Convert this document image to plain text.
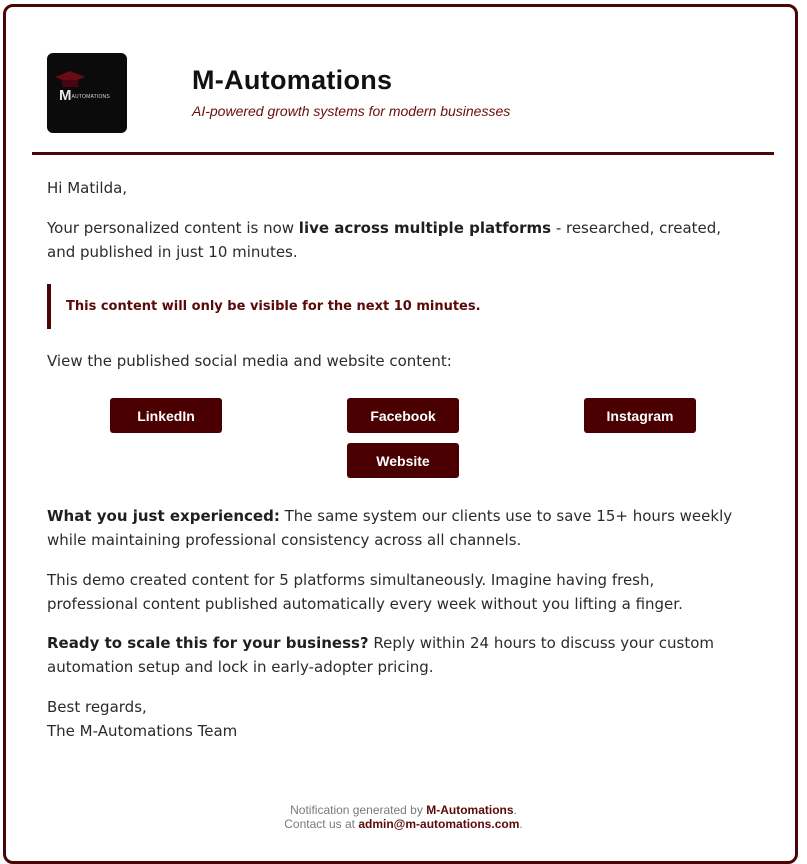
MAUTOMATIONS
M-Automations
AI-powered growth systems for modern businesses
Hi Matilda,
Your personalized content is now live across multiple platforms - researched, created, and published in just 10 minutes.
This content will only be visible for the next 10 minutes.
View the published social media and website content:
LinkedIn	Facebook	Instagram
Website
What you just experienced: The same system our clients use to save 15+ hours weekly while maintaining professional consistency across all channels.
This demo created content for 5 platforms simultaneously. Imagine having fresh, professional content published automatically every week without you lifting a finger.
Ready to scale this for your business? Reply within 24 hours to discuss your custom automation setup and lock in early-adopter pricing.
Best regards,
The M-Automations Team
Notification generated by M-Automations.
Contact us at admin@m-automations.com.
